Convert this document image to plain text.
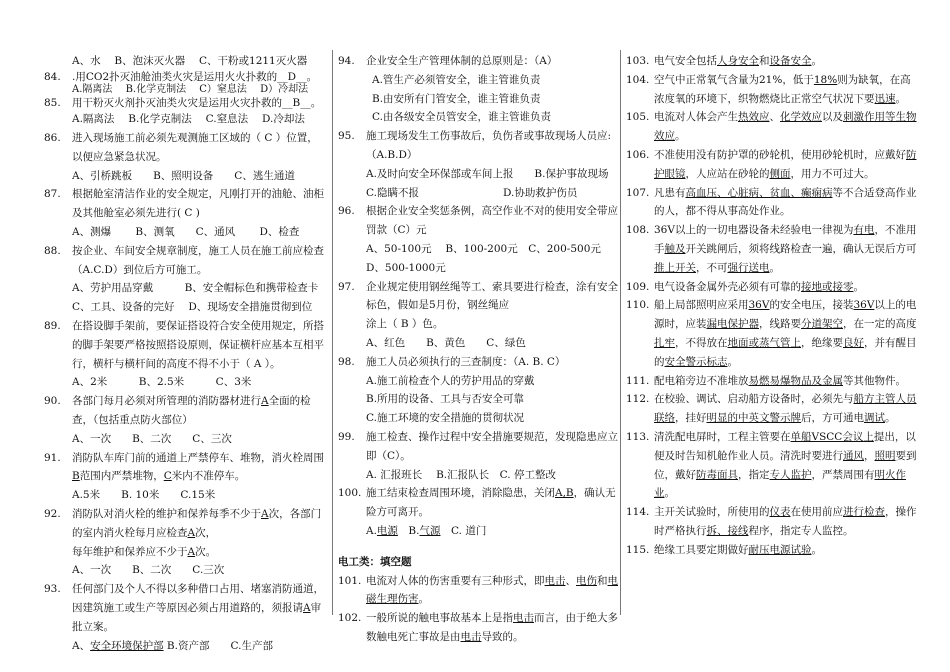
A、水　 B、泡沫灭火器　 C、干粉或1211灭火器

84. .用CO2扑灭油舱油类火灾是运用火火扑救的__D__。

A.隔离法　 B.化学克制法　 C）窒息法　 D）冷却法

85. 用干粉灭火剂扑灭油类火灾是运用火灾扑救的__B__。

A.隔离法　 B.化学克制法　 C.窒息法　 D.冷却法

86. 进入现场施工前必须先观测施工区域的（ C ）位置，以便应急紧急状况。

A、引桥跳板　　B、照明设备　　C、逃生通道

87. 根据舱室清洁作业的安全规定，凡刚打开的油舱、油柜及其他舱室必须先进行( C )

A、测爆　　 B、测氧　　C、通风　　 D、检查

88. 按企业、车间安全规章制度，施工人员在施工前应检查（A.C.D）到位后方可施工。

A、劳护用品穿戴　　　B、安全帽标色和携带检查卡

C、工具、设备的完好　 D、现场安全措施贯彻到位

89. 在搭设脚手架前，要保证搭设符合安全使用规定，所搭的脚手架要严格按照搭设原则，保证横杆应基本互相平行，横杆与横杆间的高度不得不小于（ A ）。

A、2米　　　B、2.5米　　　C、3米

90. 各部门每月必须对所管理的消防器材进行A全面的检查，（包括重点防火部位）

A、一次　　B、二次　　C、三次

91. 消防队车库门前的通道上严禁停车、堆物，消火栓周围B范围内严禁堆物，C米内不准停车。

A.5米　　B. 10米　　C.15米

92. 消防队对消火栓的维护和保养每季不少于A次，各部门的室内消火栓每月应检查A次，

每年维护和保养应不少于A次。

A、一次　　B、二次　　C.三次

93. 任何部门及个人不得以多种借口占用、堵塞消防通道，因建筑施工或生产等原因必须占用道路的，须报请A审批立案。

A、安全环境保护部 B.资产部　　C.生产部

94. 企业安全生产管理体制的总原则是：（A）

A.管生产必须管安全，谁主管谁负责

B.由安所有门管安全，谁主管谁负责

C.由各级安全员管安全，谁主管谁负责

95. 施工现场发生工伤事故后，负伤者或事故现场人员应:（A.B.D）

A.及时向安全环保部或车间上报　　B.保护事故现场

C.隐瞒不报　　　　　　　　D.协助救护伤员

96. 根据企业安全奖惩条例，高空作业不对的使用安全带应罚款（C）元

A、50-100元　 B、100-200元　C、200-500元

D、500-1000元

97. 企业规定使用钢丝绳等工、索具要进行检查，涂有安全标色，假如是5月份，钢丝绳应

涂上（ B ）色。

A、红色　　B、黄色　　C、绿色

98. 施工人员必须执行的三查制度：（A. B. C）

A.施工前检查个人的劳护用品的穿戴

B.所用的设备、工具与否安全可靠

C.施工环境的安全措施的贯彻状况

99. 施工检查、操作过程中安全措施要规范，发现隐患应立即（C）。

A. 汇报班长　 B.汇报队长　C. 停工整改

100. 施工结束检查周围环境，消除隐患，关闭A,B，确认无险方可离开。

A.电源　B.气源　C. 道门

电工类：填空题

101. 电流对人体的伤害重要有三种形式，即电击、电伤和电磁生理伤害。

102. 一般所说的触电事故基本上是指电击而言，由于绝大多数触电死亡事故是由电击导致的。

103. 电气安全包括人身安全和设备安全。

104. 空气中正常氧气含量为21%，低于18%则为缺氧，在高浓度氧的环境下，织物燃烧比正常空气状况下要迅速。

105. 电流对人体会产生热效应、化学效应以及刺激作用等生物效应。

106. 不准使用没有防护罩的砂轮机，使用砂轮机时，应戴好防护眼镜，人应站在砂轮的侧面，用力不可过大。

107. 凡患有高血压、心脏病、贫血、癫痫病等不合适登高作业的人，都不得从事高处作业。

108. 36V以上的一切电器设备未经验电一律视为有电，不准用手触及开关跳闸后，须将线路检查一遍，确认无误后方可推上开关，不可强行送电。

109. 电气设备金属外壳必须有可靠的接地或接零。

110. 船上局部照明应采用36V的安全电压，接装36V以上的电源时，应装漏电保护器，线路要分道架空，在一定的高度扎牢，不得放在地面或蒸气管上，绝缘要良好，并有醒目的安全警示标志。

111. 配电箱旁边不准堆放易燃易爆物品及金属等其他物件。

112. 在校验、调试、启动船方设备时，必须先与船方主管人员联络，挂好明显的中英文警示牌后，方可通电调试。

113. 清洗配电屏时，工程主管要在单船VSCC会议上提出，以便及时告知机舱作业人员。清洗时要进行通风，照明要到位，戴好防毒面具，指定专人监护，严禁周围有明火作业。

114. 主开关试验时，所使用的仪表在使用前应进行检查，操作时严格执行拆、接线程序，指定专人监控。

115. 绝缘工具要定期做好耐压电源试验。
